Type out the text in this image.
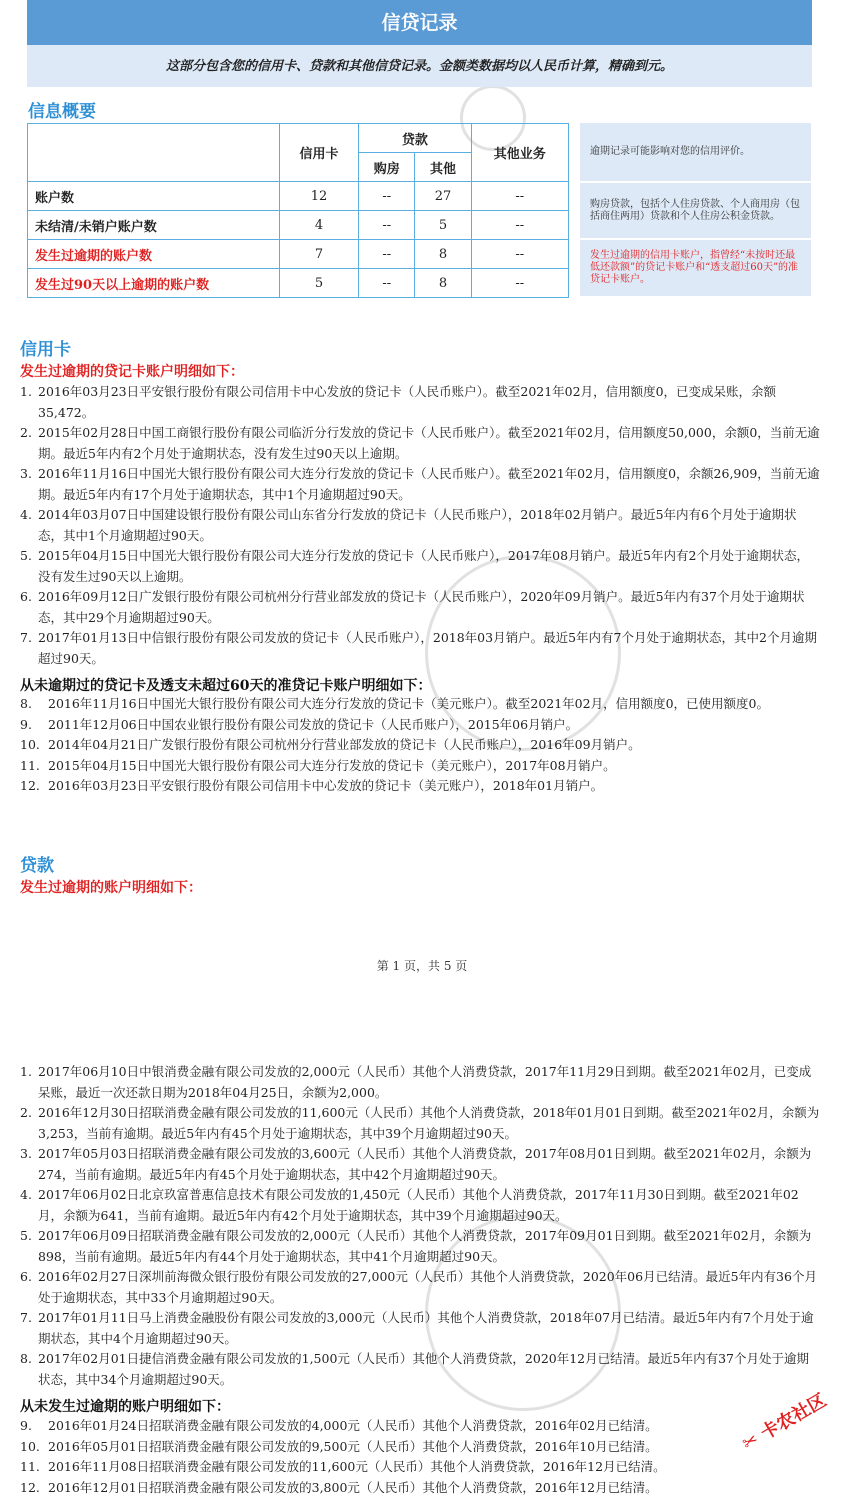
信贷记录
这部分包含您的信用卡、贷款和其他信贷记录。金额类数据均以人民币计算，精确到元。
信息概要
	信用卡	贷款		其他业务
		购房	其他	
账户数	12	--	27	--
未结清/未销户账户数	4	--	5	--
发生过逾期的账户数	7	--	8	--
发生过90天以上逾期的账户数	5	--	8	--
逾期记录可能影响对您的信用评价。
购房贷款，包括个人住房贷款、个人商用房（包括商住两用）贷款和个人住房公积金贷款。
发生过逾期的信用卡账户，指曾经“未按时还最低还款额”的贷记卡账户和“透支超过60天”的准贷记卡账户。
信用卡
发生过逾期的贷记卡账户明细如下：
1. 2016年03月23日平安银行股份有限公司信用卡中心发放的贷记卡（人民币账户）。截至2021年02月，信用额度0，已变成呆账，余额35,472。
2. 2015年02月28日中国工商银行股份有限公司临沂分行发放的贷记卡（人民币账户）。截至2021年02月，信用额度50,000，余额0，当前无逾期。最近5年内有2个月处于逾期状态，没有发生过90天以上逾期。
3. 2016年11月16日中国光大银行股份有限公司大连分行发放的贷记卡（人民币账户）。截至2021年02月，信用额度0，余额26,909，当前无逾期。最近5年内有17个月处于逾期状态，其中1个月逾期超过90天。
4. 2014年03月07日中国建设银行股份有限公司山东省分行发放的贷记卡（人民币账户），2018年02月销户。最近5年内有6个月处于逾期状态，其中1个月逾期超过90天。
5. 2015年04月15日中国光大银行股份有限公司大连分行发放的贷记卡（人民币账户），2017年08月销户。最近5年内有2个月处于逾期状态，没有发生过90天以上逾期。
6. 2016年09月12日广发银行股份有限公司杭州分行营业部发放的贷记卡（人民币账户），2020年09月销户。最近5年内有37个月处于逾期状态，其中29个月逾期超过90天。
7. 2017年01月13日中信银行股份有限公司发放的贷记卡（人民币账户），2018年03月销户。最近5年内有7个月处于逾期状态，其中2个月逾期超过90天。
从未逾期过的贷记卡及透支未超过60天的准贷记卡账户明细如下：
8. 2016年11月16日中国光大银行股份有限公司大连分行发放的贷记卡（美元账户）。截至2021年02月，信用额度0，已使用额度0。
9. 2011年12月06日中国农业银行股份有限公司发放的贷记卡（人民币账户），2015年06月销户。
10. 2014年04月21日广发银行股份有限公司杭州分行营业部发放的贷记卡（人民币账户），2016年09月销户。
11. 2015年04月15日中国光大银行股份有限公司大连分行发放的贷记卡（美元账户），2017年08月销户。
12. 2016年03月23日平安银行股份有限公司信用卡中心发放的贷记卡（美元账户），2018年01月销户。
贷款
发生过逾期的账户明细如下：
第 1 页，共 5 页
1. 2017年06月10日中银消费金融有限公司发放的2,000元（人民币）其他个人消费贷款，2017年11月29日到期。截至2021年02月，已变成呆账，最近一次还款日期为2018年04月25日，余额为2,000。
2. 2016年12月30日招联消费金融有限公司发放的11,600元（人民币）其他个人消费贷款，2018年01月01日到期。截至2021年02月，余额为3,253，当前有逾期。最近5年内有45个月处于逾期状态，其中39个月逾期超过90天。
3. 2017年05月03日招联消费金融有限公司发放的3,600元（人民币）其他个人消费贷款，2017年08月01日到期。截至2021年02月，余额为274，当前有逾期。最近5年内有45个月处于逾期状态，其中42个月逾期超过90天。
4. 2017年06月02日北京玖富普惠信息技术有限公司发放的1,450元（人民币）其他个人消费贷款，2017年11月30日到期。截至2021年02月，余额为641，当前有逾期。最近5年内有42个月处于逾期状态，其中39个月逾期超过90天。
5. 2017年06月09日招联消费金融有限公司发放的2,000元（人民币）其他个人消费贷款，2017年09月01日到期。截至2021年02月，余额为898，当前有逾期。最近5年内有44个月处于逾期状态，其中41个月逾期超过90天。
6. 2016年02月27日深圳前海微众银行股份有限公司发放的27,000元（人民币）其他个人消费贷款，2020年06月已结清。最近5年内有36个月处于逾期状态，其中33个月逾期超过90天。
7. 2017年01月11日马上消费金融股份有限公司发放的3,000元（人民币）其他个人消费贷款，2018年07月已结清。最近5年内有7个月处于逾期状态，其中4个月逾期超过90天。
8. 2017年02月01日捷信消费金融有限公司发放的1,500元（人民币）其他个人消费贷款，2020年12月已结清。最近5年内有37个月处于逾期状态，其中34个月逾期超过90天。
从未发生过逾期的账户明细如下：
9. 2016年01月24日招联消费金融有限公司发放的4,000元（人民币）其他个人消费贷款，2016年02月已结清。
10. 2016年05月01日招联消费金融有限公司发放的9,500元（人民币）其他个人消费贷款，2016年10月已结清。
11. 2016年11月08日招联消费金融有限公司发放的11,600元（人民币）其他个人消费贷款，2016年12月已结清。
12. 2016年12月01日招联消费金融有限公司发放的3,800元（人民币）其他个人消费贷款，2016年12月已结清。
✂ 卡农社区
